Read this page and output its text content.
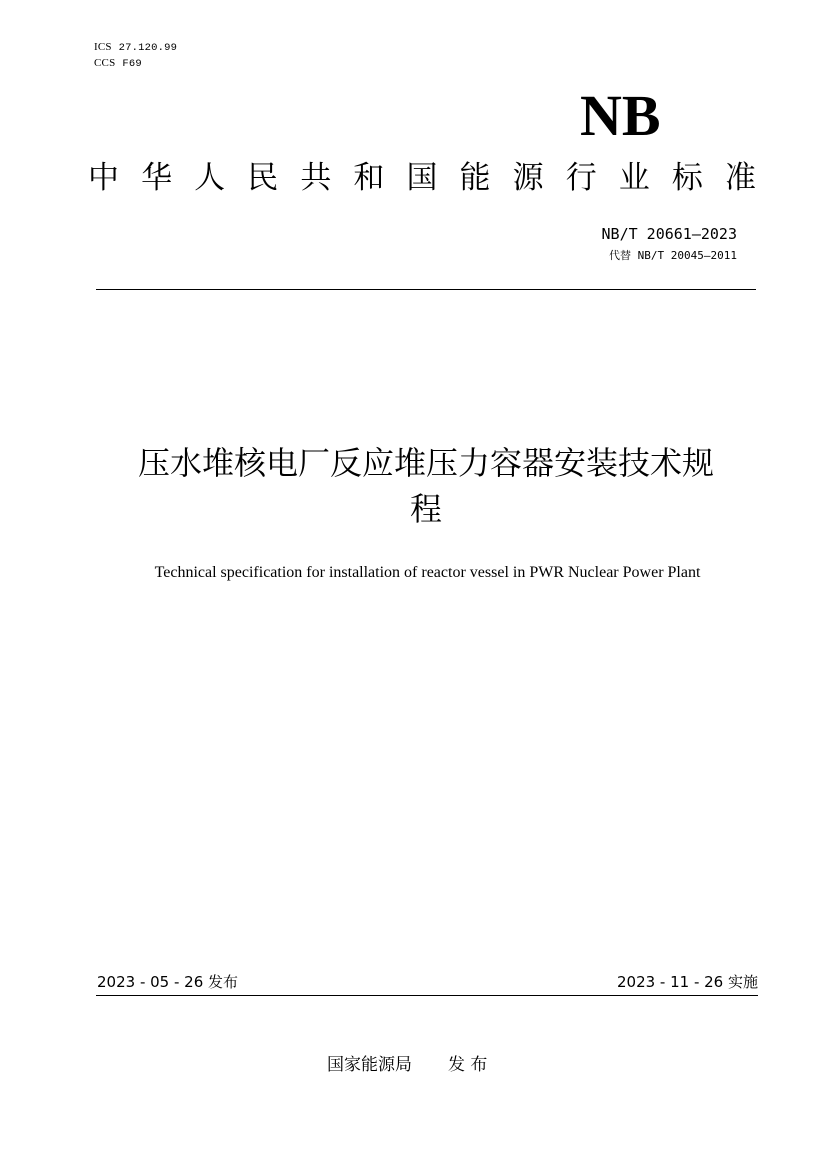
ICS 27.120.99
CCS F69
NB
中 华 人 民 共 和 国 能 源 行 业 标 准
NB/T 20661—2023
代替 NB/T 20045—2011
压水堆核电厂反应堆压力容器安装技术规
程
Technical specification for installation of reactor vessel in PWR Nuclear Power Plant
2023 - 05 - 26 发布	2023 - 11 - 26 实施
国家能源局 发 布
